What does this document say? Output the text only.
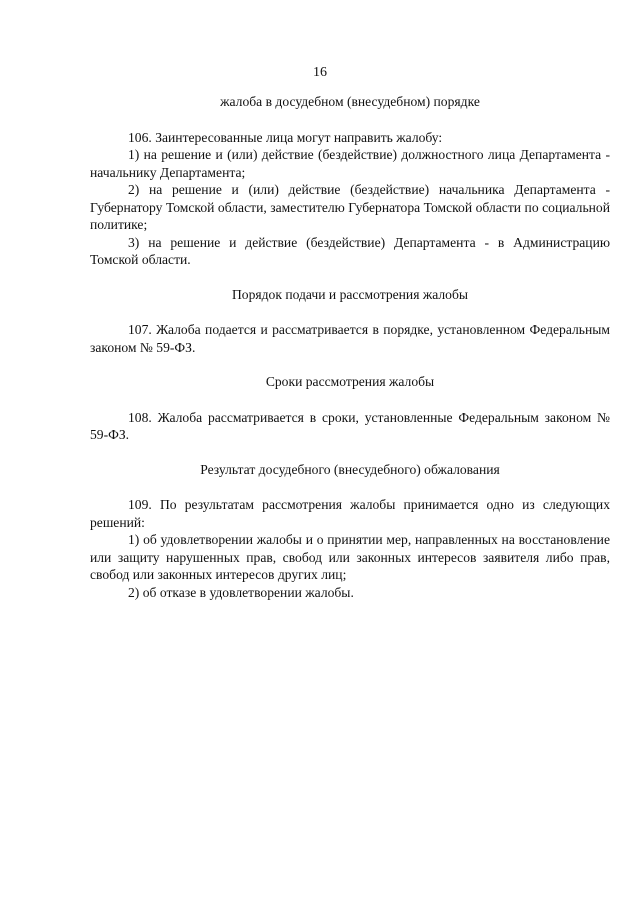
16

жалоба в досудебном (внесудебном) порядке

106. Заинтересованные лица могут направить жалобу:

1) на решение и (или) действие (бездействие) должностного лица Департамента - начальнику Департамента;

2) на решение и (или) действие (бездействие) начальника Департамента - Губернатору Томской области, заместителю Губернатора Томской области по социальной политике;

3) на решение и действие (бездействие) Департамента - в Администрацию Томской области.

Порядок подачи и рассмотрения жалобы

107. Жалоба подается и рассматривается в порядке, установленном Федеральным законом № 59-ФЗ.

Сроки рассмотрения жалобы

108. Жалоба рассматривается в сроки, установленные Федеральным законом № 59-ФЗ.

Результат досудебного (внесудебного) обжалования

109. По результатам рассмотрения жалобы принимается одно из следующих решений:

1) об удовлетворении жалобы и о принятии мер, направленных на восстановление или защиту нарушенных прав, свобод или законных интересов заявителя либо прав, свобод или законных интересов других лиц;

2) об отказе в удовлетворении жалобы.
